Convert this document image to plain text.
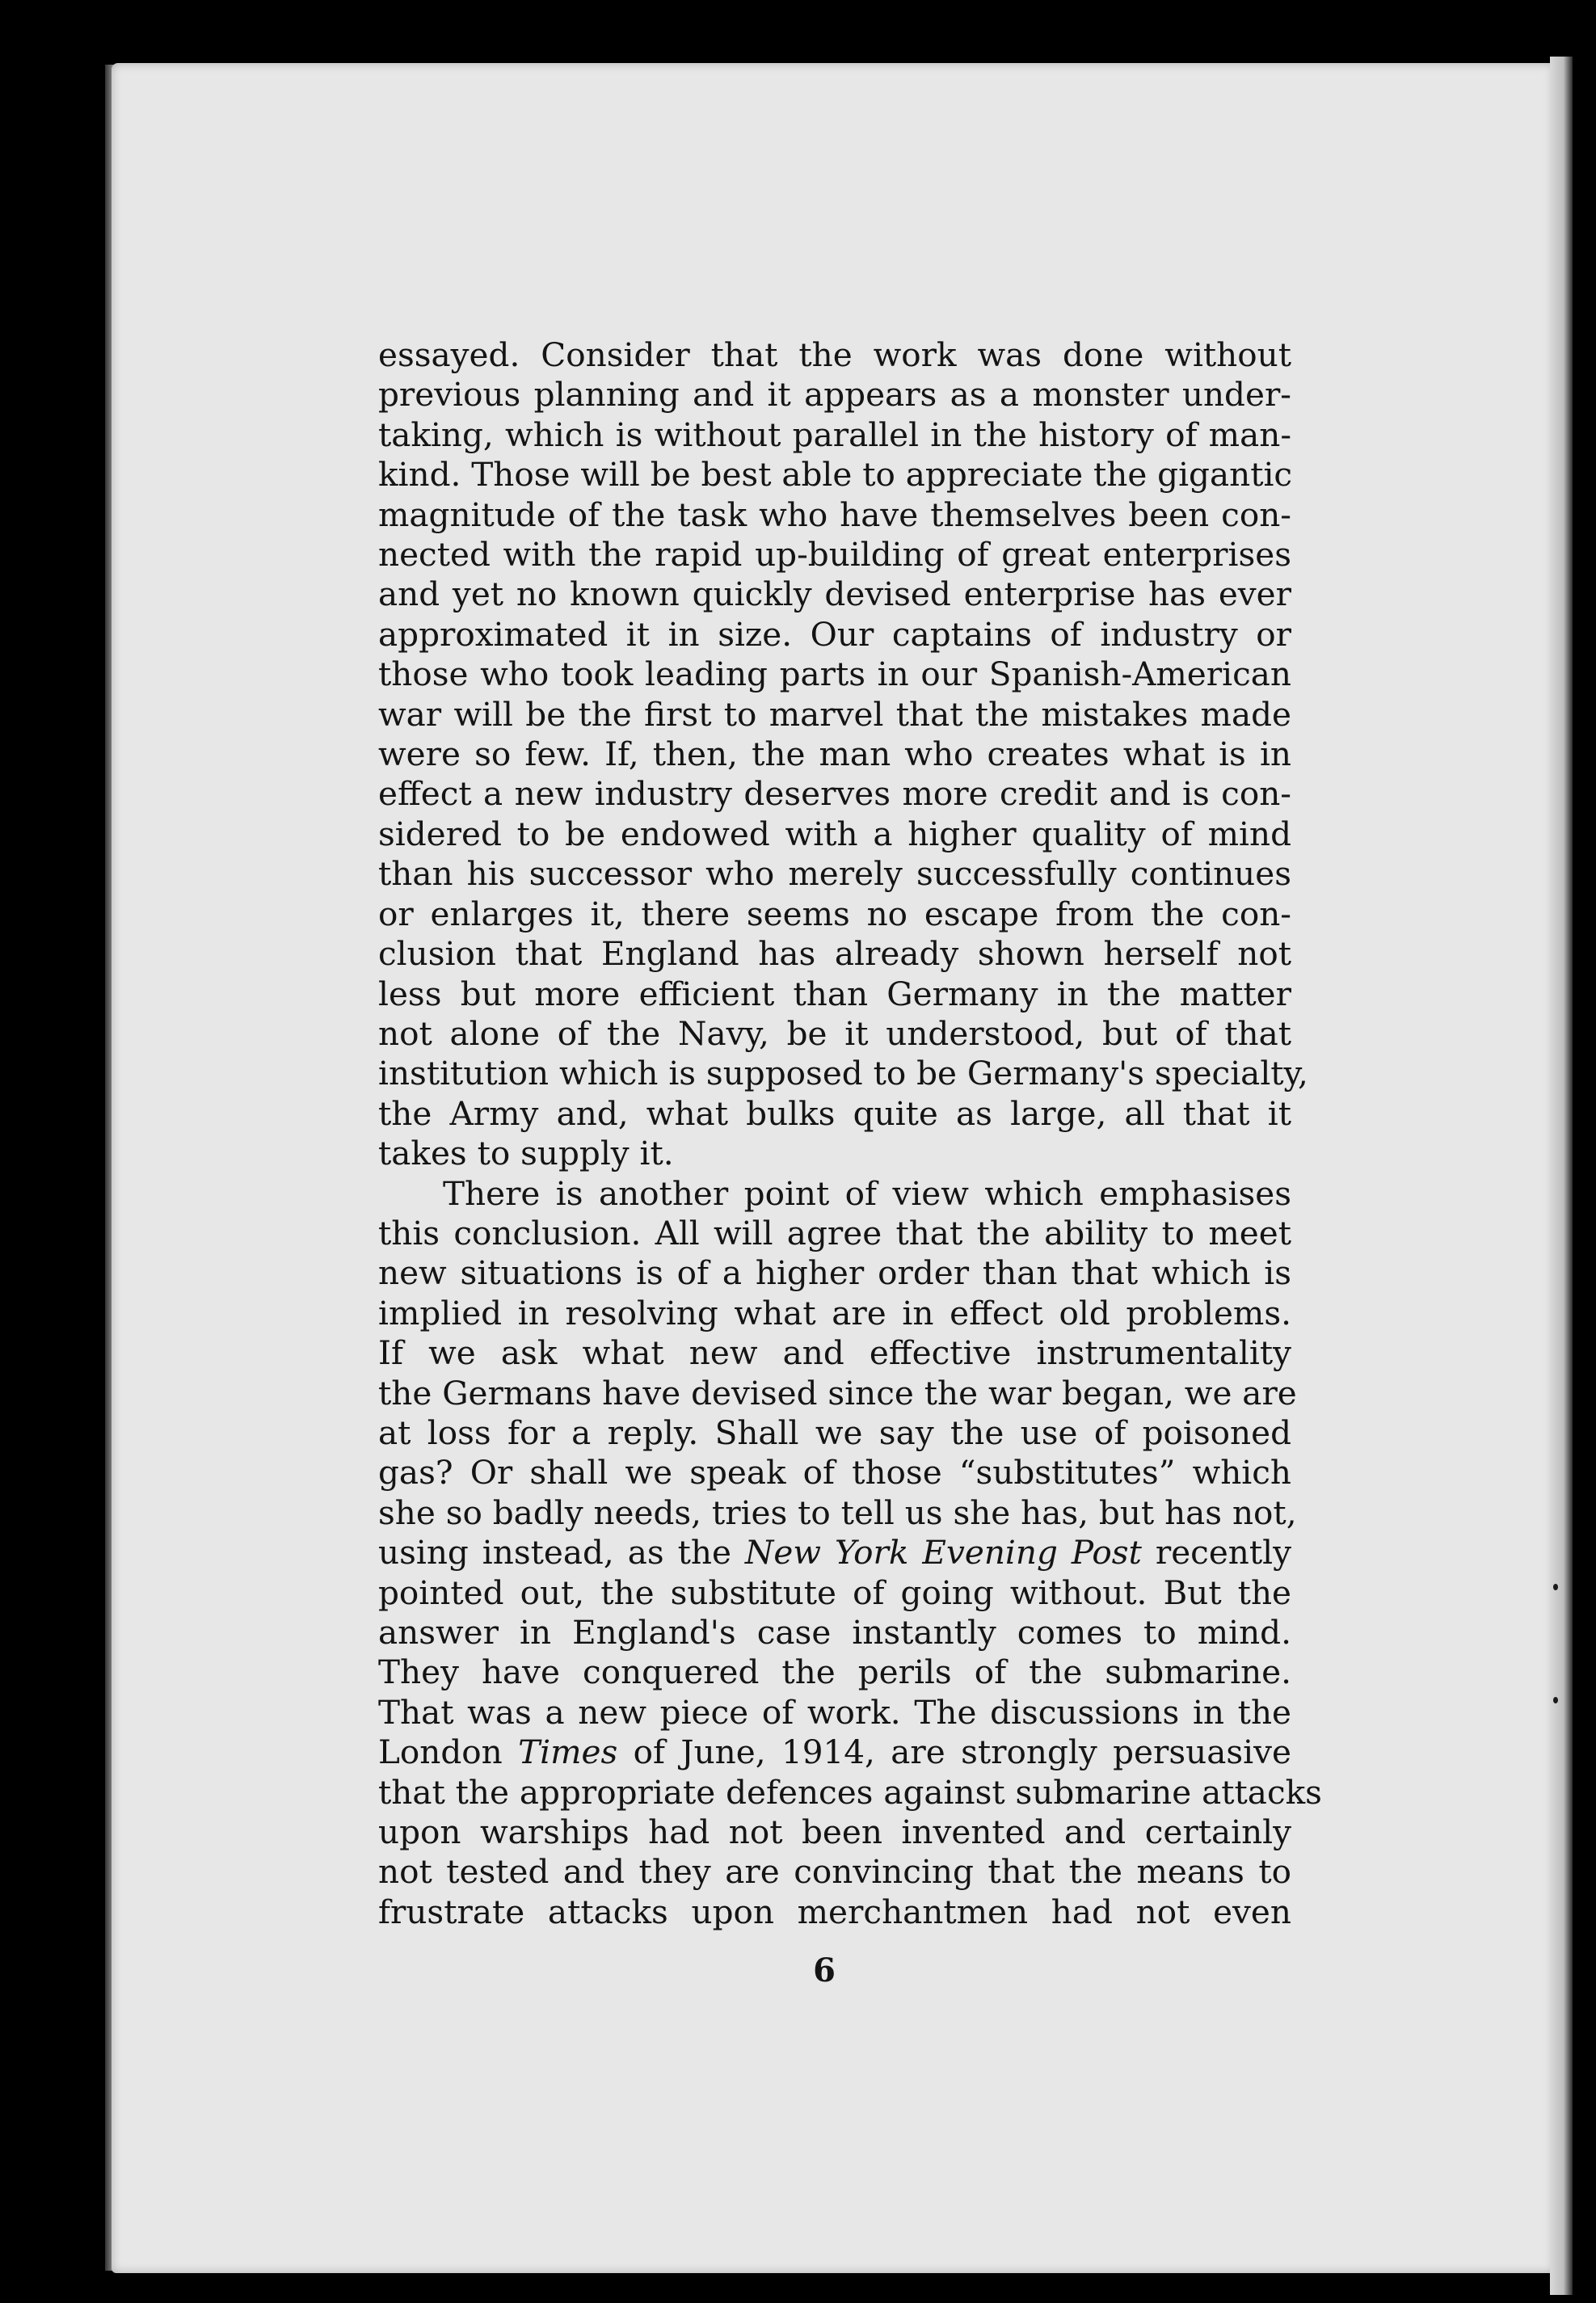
essayed. Consider that the work was done without
previous planning and it appears as a monster under-
taking, which is without parallel in the history of man-
kind. Those will be best able to appreciate the gigantic
magnitude of the task who have themselves been con-
nected with the rapid up-building of great enterprises
and yet no known quickly devised enterprise has ever
approximated it in size. Our captains of industry or
those who took leading parts in our Spanish-American
war will be the first to marvel that the mistakes made
were so few. If, then, the man who creates what is in
effect a new industry deserves more credit and is con-
sidered to be endowed with a higher quality of mind
than his successor who merely successfully continues
or enlarges it, there seems no escape from the con-
clusion that England has already shown herself not
less but more efficient than Germany in the matter
not alone of the Navy, be it understood, but of that
institution which is supposed to be Germany's specialty,
the Army and, what bulks quite as large, all that it
takes to supply it.
There is another point of view which emphasises
this conclusion. All will agree that the ability to meet
new situations is of a higher order than that which is
implied in resolving what are in effect old problems.
If we ask what new and effective instrumentality
the Germans have devised since the war began, we are
at loss for a reply. Shall we say the use of poisoned
gas? Or shall we speak of those “substitutes” which
she so badly needs, tries to tell us she has, but has not,
using instead, as the New York Evening Post recently
pointed out, the substitute of going without. But the
answer in England's case instantly comes to mind.
They have conquered the perils of the submarine.
That was a new piece of work. The discussions in the
London Times of June, 1914, are strongly persuasive
that the appropriate defences against submarine attacks
upon warships had not been invented and certainly
not tested and they are convincing that the means to
frustrate attacks upon merchantmen had not even
6
